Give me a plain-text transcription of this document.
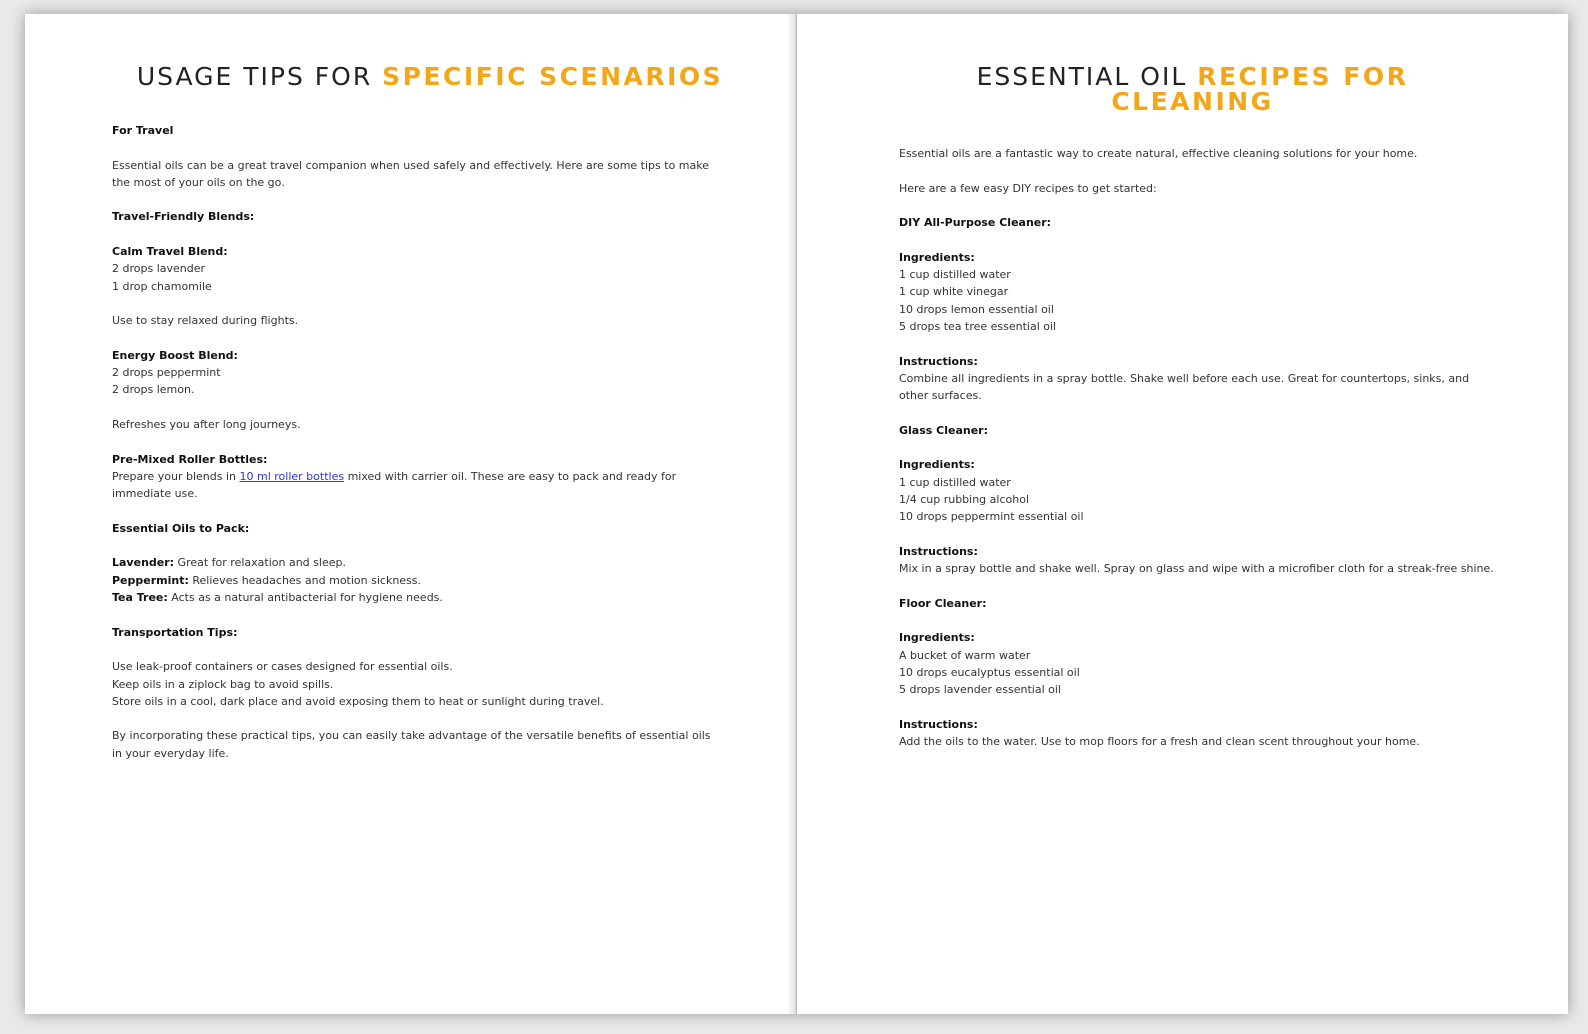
USAGE TIPS FOR SPECIFIC SCENARIOS

For Travel

Essential oils can be a great travel companion when used safely and effectively. Here are some tips to make the most of your oils on the go.

Travel-Friendly Blends:

Calm Travel Blend:
2 drops lavender
1 drop chamomile

Use to stay relaxed during flights.

Energy Boost Blend:
2 drops peppermint
2 drops lemon.

Refreshes you after long journeys.

Pre-Mixed Roller Bottles:
Prepare your blends in 10 ml roller bottles mixed with carrier oil. These are easy to pack and ready for immediate use.

Essential Oils to Pack:

Lavender: Great for relaxation and sleep.
Peppermint: Relieves headaches and motion sickness.
Tea Tree: Acts as a natural antibacterial for hygiene needs.

Transportation Tips:

Use leak-proof containers or cases designed for essential oils.
Keep oils in a ziplock bag to avoid spills.
Store oils in a cool, dark place and avoid exposing them to heat or sunlight during travel.

By incorporating these practical tips, you can easily take advantage of the versatile benefits of essential oils in your everyday life.

ESSENTIAL OIL RECIPES FOR
CLEANING

Essential oils are a fantastic way to create natural, effective cleaning solutions for your home.

Here are a few easy DIY recipes to get started:

DIY All-Purpose Cleaner:

Ingredients:
1 cup distilled water
1 cup white vinegar
10 drops lemon essential oil
5 drops tea tree essential oil

Instructions:
Combine all ingredients in a spray bottle. Shake well before each use. Great for countertops, sinks, and other surfaces.

Glass Cleaner:

Ingredients:
1 cup distilled water
1/4 cup rubbing alcohol
10 drops peppermint essential oil

Instructions:
Mix in a spray bottle and shake well. Spray on glass and wipe with a microfiber cloth for a streak-free shine.

Floor Cleaner:

Ingredients:
A bucket of warm water
10 drops eucalyptus essential oil
5 drops lavender essential oil

Instructions:
Add the oils to the water. Use to mop floors for a fresh and clean scent throughout your home.
